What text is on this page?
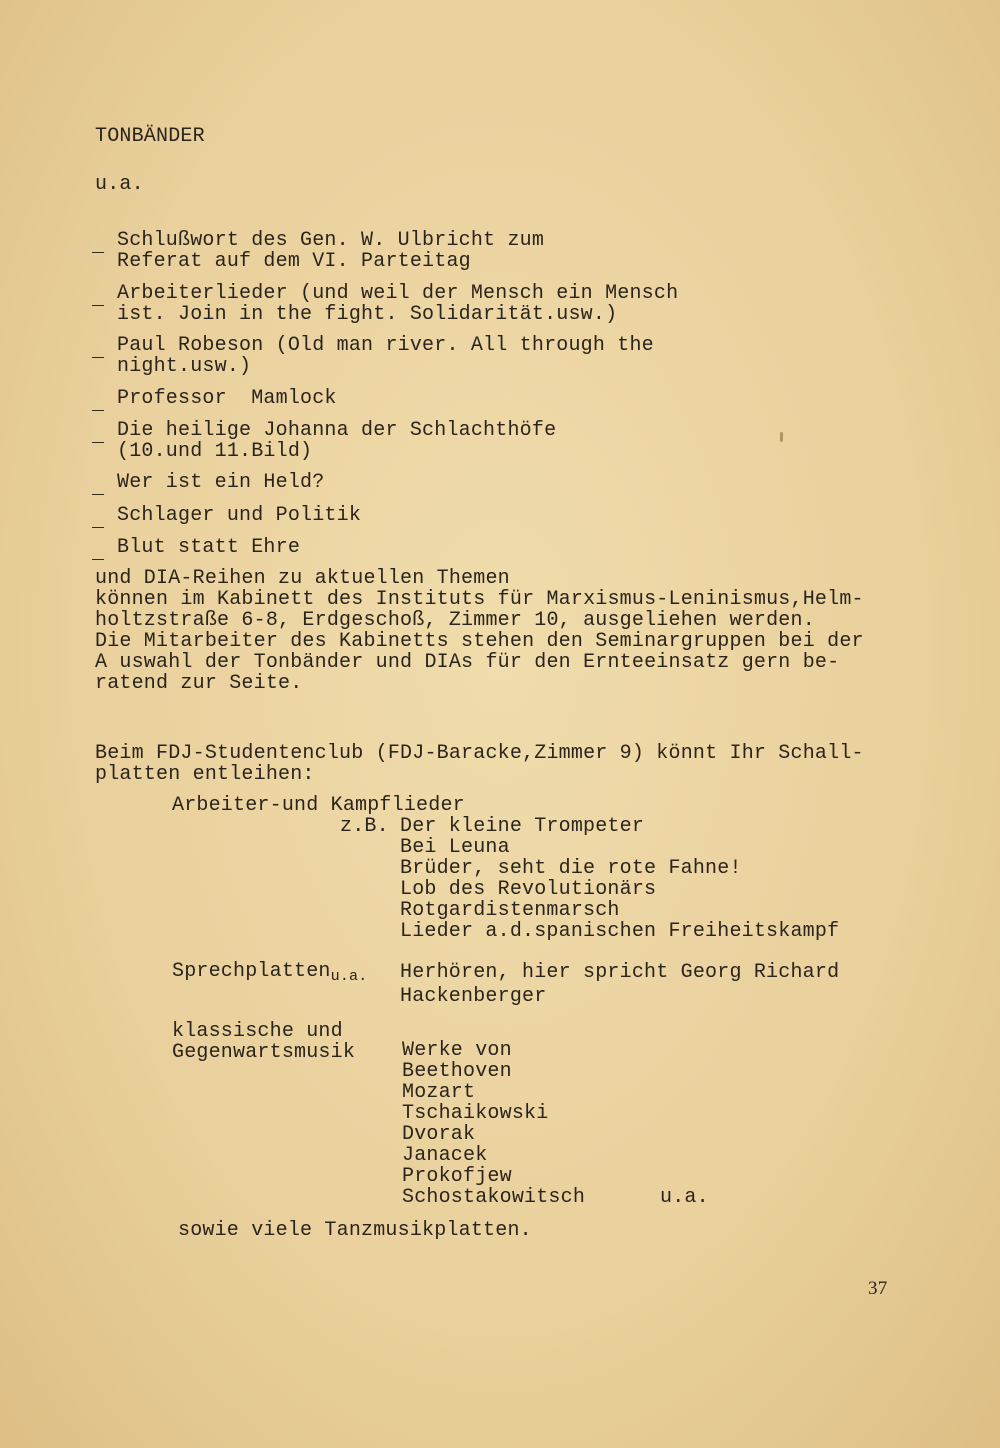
TONBÄNDER
u.a.
_ Schlußwort des Gen. W. Ulbricht zum
Referat auf dem VI. Parteitag
_ Arbeiterlieder (und weil der Mensch ein Mensch
ist. Join in the fight. Solidarität.usw.)
_ Paul Robeson (Old man river. All through the
night.usw.)
_ Professor  Mamlock
_ Die heilige Johanna der Schlachthöfe
(10.und 11.Bild)
_ Wer ist ein Held?
_ Schlager und Politik
_ Blut statt Ehre
und DIA-Reihen zu aktuellen Themen
können im Kabinett des Instituts für Marxismus-Leninismus,Helm-
holtzstraße 6-8, Erdgeschoß, Zimmer 10, ausgeliehen werden.
Die Mitarbeiter des Kabinetts stehen den Seminargruppen bei der
A uswahl der Tonbänder und DIAs für den Ernteeinsatz gern be-
ratend zur Seite.
Beim FDJ-Studentenclub (FDJ-Baracke,Zimmer 9) könnt Ihr Schall-
platten entleihen:
Arbeiter-und Kampflieder
z.B. Der kleine Trompeter
Bei Leuna
Brüder, seht die rote Fahne!
Lob des Revolutionärs
Rotgardistenmarsch
Lieder a.d.spanischen Freiheitskampf
Sprechplatten$_{u.a.}$ Herhören, hier spricht Georg Richard
Hackenberger
klassische und
Gegenwartsmusik Werke von
Beethoven
Mozart
Tschaikowski
Dvorak
Janacek
Prokofjew
Schostakowitsch	u.a.
sowie viele Tanzmusikplatten.
37
